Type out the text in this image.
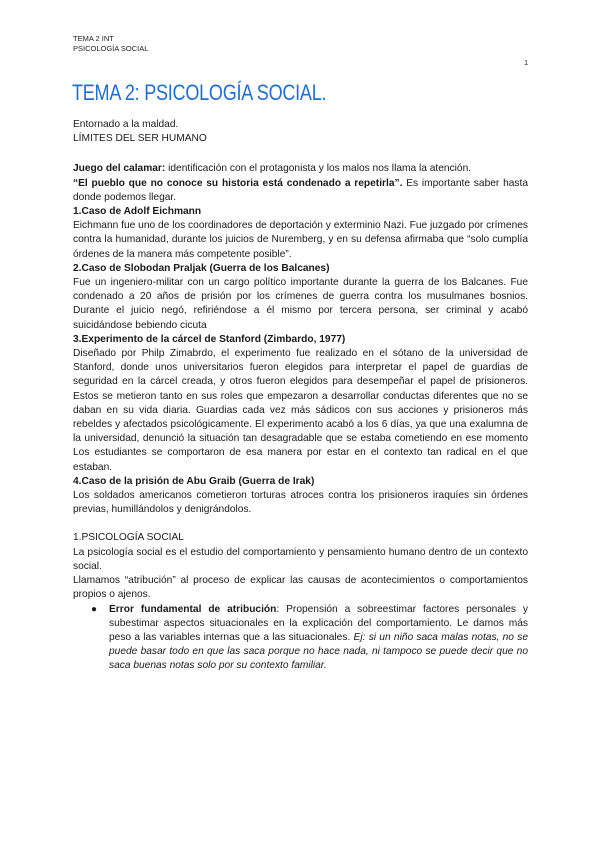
TEMA 2 INT
PSICOLOGÍA SOCIAL
1
TEMA 2: PSICOLOGÍA SOCIAL.

Entornado a la maldad.

LÍMITES DEL SER HUMANO

Juego del calamar: identificación con el protagonista y los malos nos llama la atención.

“El pueblo que no conoce su historia está condenado a repetirla”. Es importante saber hasta donde podemos llegar.

1.Caso de Adolf Eichmann

Eichmann fue uno de los coordinadores de deportación y exterminio Nazi. Fue juzgado por crímenes contra la humanidad, durante los juicios de Nuremberg, y en su defensa afirmaba que “solo cumplía órdenes de la manera más competente posible”.

2.Caso de Slobodan Praljak (Guerra de los Balcanes)

Fue un ingeniero-militar con un cargo político importante durante la guerra de los Balcanes. Fue condenado a 20 años de prisión por los crímenes de guerra contra los musulmanes bosnios. Durante el juicio negó, refiriéndose a él mismo por tercera persona, ser criminal y acabó suicidándose bebiendo cicuta

3.Experimento de la cárcel de Stanford (Zimbardo, 1977)

Diseñado por Philp Zimabrdo, el experimento fue realizado en el sótano de la universidad de Stanford, donde unos universitarios fueron elegidos para interpretar el papel de guardias de seguridad en la cárcel creada, y otros fueron elegidos para desempeñar el papel de prisioneros. Estos se metieron tanto en sus roles que empezaron a desarrollar conductas diferentes que no se daban en su vida diaria. Guardias cada vez más sádicos con sus acciones y prisioneros más rebeldes y afectados psicológicamente. El experimento acabó a los 6 días, ya que una exalumna de la universidad, denunció la situación tan desagradable que se estaba cometiendo en ese momento Los estudiantes se comportaron de esa manera por estar en el contexto tan radical en el que estaban.

4.Caso de la prisión de Abu Graib (Guerra de Irak)

Los soldados americanos cometieron torturas atroces contra los prisioneros iraquíes sin órdenes previas, humillándolos y denigrándolos.

1.PSICOLOGÍA SOCIAL

La psicología social es el estudio del comportamiento y pensamiento humano dentro de un contexto social.

Llamamos “atribución” al proceso de explicar las causas de acontecimientos o comportamientos propios o ajenos.

● Error fundamental de atribución: Propensión a sobreestimar factores personales y subestimar aspectos situacionales en la explicación del comportamiento. Le damos más peso a las variables internas que a las situacionales. Ej: si un niño saca malas notas, no se puede basar todo en que las saca porque no hace nada, ni tampoco se puede decir que no saca buenas notas solo por su contexto familiar.
